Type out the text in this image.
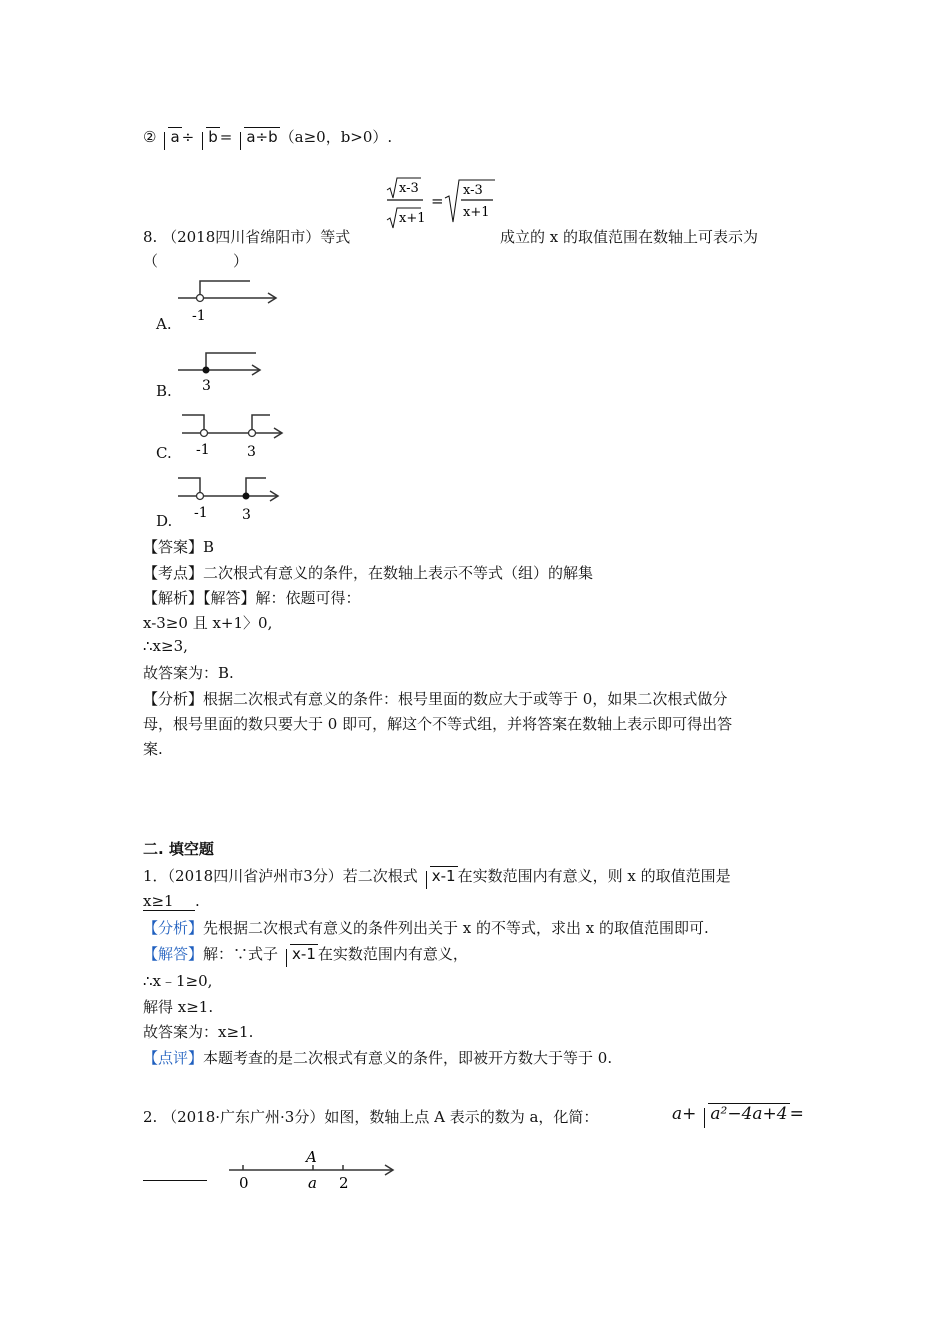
② a ÷ b = a÷b （a≥0，b>0）.
8. （2018四川省绵阳市）等式
x-3
x+1
=
x-3
x+1
成立的 x 的取值范围在数轴上可表示为
（　　　　　）
A. -1
B. 3
C. -1	3
D. -1 3
【答案】B
【考点】二次根式有意义的条件，在数轴上表示不等式（组）的解集
【解析】【解答】解：依题可得：
x-3≥0 且 x+1〉0,
∴x≥3,
故答案为：B.
【分析】根据二次根式有意义的条件：根号里面的数应大于或等于 0，如果二次根式做分
母，根号里面的数只要大于 0 即可，解这个不等式组，并将答案在数轴上表示即可得出答
案.
二. 填空题
1．（2018四川省泸州市3分）若二次根式 x-1 在实数范围内有意义，则 x 的取值范围是
x≥1 .
【分析】先根据二次根式有意义的条件列出关于 x 的不等式，求出 x 的取值范围即可.
【解答】解：∵式子 x-1 在实数范围内有意义，
∴x﹣1≥0,
解得 x≥1.
故答案为：x≥1.
【点评】本题考查的是二次根式有意义的条件，即被开方数大于等于 0.
2. （2018·广东广州·3分）如图，数轴上点 A 表示的数为 a，化简：	a+ a²−4a+4 =
0
A
a 2
